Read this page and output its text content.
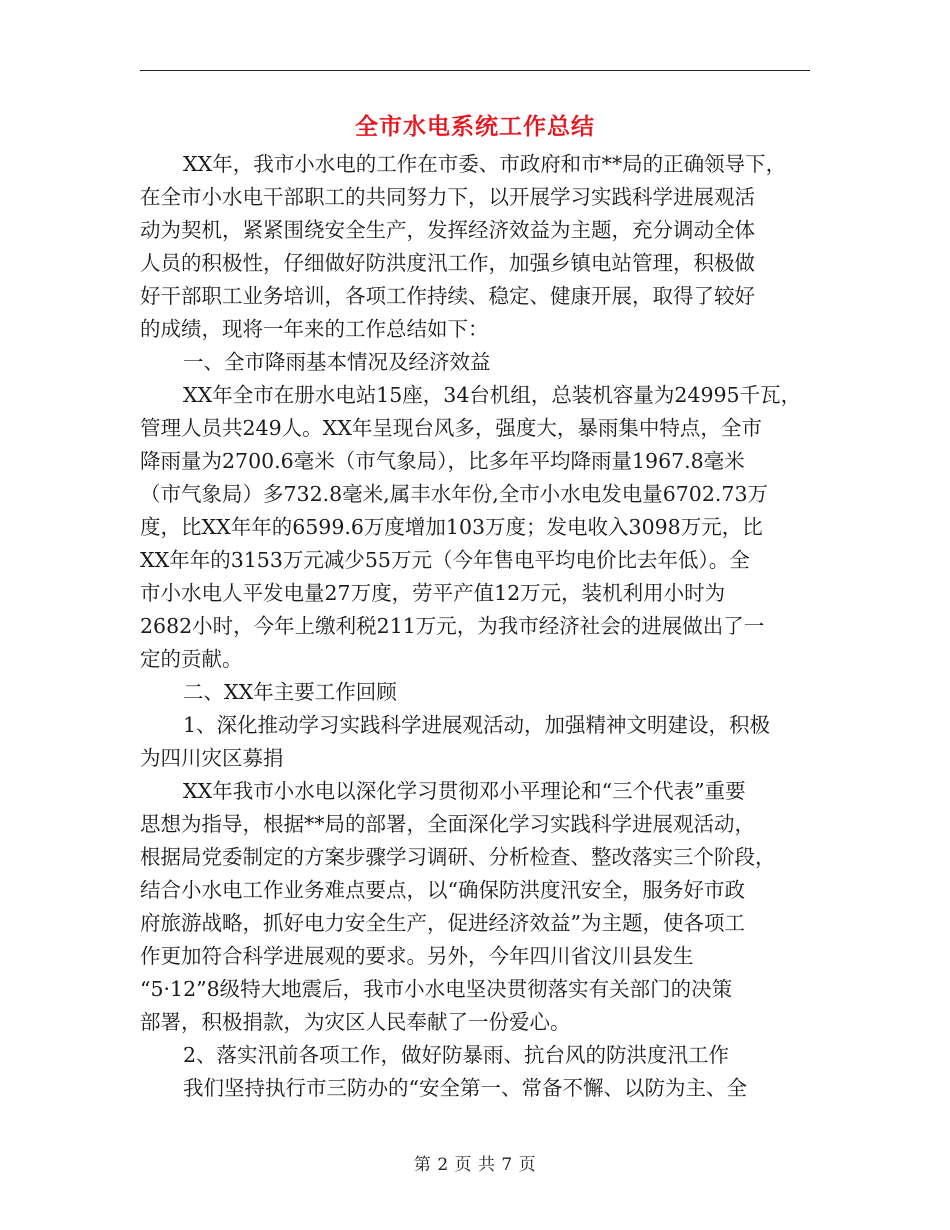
全市水电系统工作总结
XX年，我市小水电的工作在市委、市政府和市**局的正确领导下，
在全市小水电干部职工的共同努力下，以开展学习实践科学进展观活
动为契机，紧紧围绕安全生产，发挥经济效益为主题，充分调动全体
人员的积极性，仔细做好防洪度汛工作，加强乡镇电站管理，积极做
好干部职工业务培训，各项工作持续、稳定、健康开展，取得了较好
的成绩，现将一年来的工作总结如下：
一、全市降雨基本情况及经济效益
XX年全市在册水电站15座，34台机组，总装机容量为24995千瓦，
管理人员共249人。XX年呈现台风多，强度大，暴雨集中特点，全市
降雨量为2700.6毫米（市气象局），比多年平均降雨量1967.8毫米
（市气象局）多732.8毫米,属丰水年份,全市小水电发电量6702.73万
度，比XX年年的6599.6万度增加103万度；发电收入3098万元，比
XX年年的3153万元减少55万元（今年售电平均电价比去年低）。全
市小水电人平发电量27万度，劳平产值12万元，装机利用小时为
2682小时，今年上缴利税211万元，为我市经济社会的进展做出了一
定的贡献。
二、XX年主要工作回顾
1、深化推动学习实践科学进展观活动，加强精神文明建设，积极
为四川灾区募捐
XX年我市小水电以深化学习贯彻邓小平理论和“三个代表”重要
思想为指导，根据**局的部署，全面深化学习实践科学进展观活动，
根据局党委制定的方案步骤学习调研、分析检查、整改落实三个阶段，
结合小水电工作业务难点要点，以“确保防洪度汛安全，服务好市政
府旅游战略，抓好电力安全生产，促进经济效益”为主题，使各项工
作更加符合科学进展观的要求。另外，今年四川省汶川县发生
“5·12”8级特大地震后，我市小水电坚决贯彻落实有关部门的决策
部署，积极捐款，为灾区人民奉献了一份爱心。
2、落实汛前各项工作，做好防暴雨、抗台风的防洪度汛工作
我们坚持执行市三防办的“安全第一、常备不懈、以防为主、全
第 2 页 共 7 页
